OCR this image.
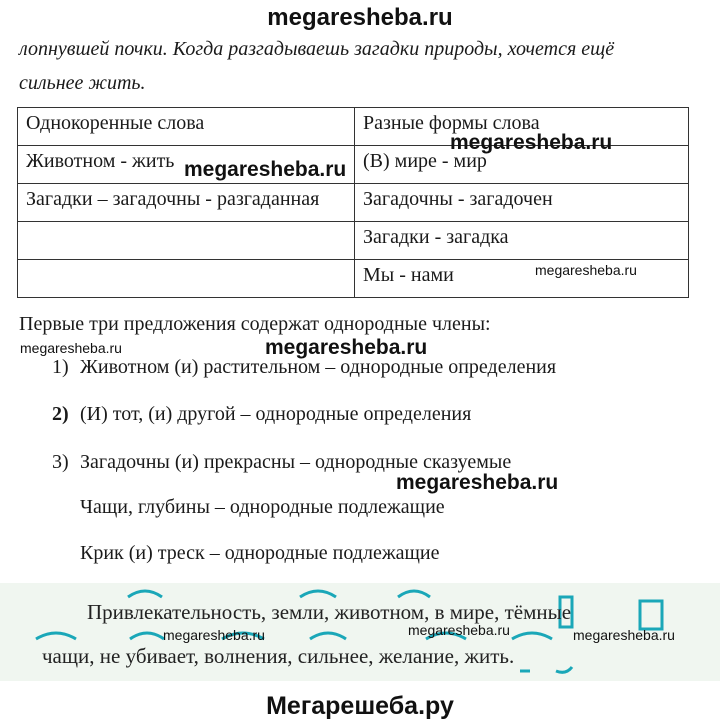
megaresheba.ru
лопнувшей почки. Когда разгадываешь загадки природы, хочется ещё
сильнее жить.
Однокоренные слова	Разные формы слова
Животном - жить	(В) мире - мир
Загадки – загадочны - разгаданная	Загадочны - загадочен
	Загадки - загадка
	Мы - нами
megaresheba.ru
megaresheba.ru
megaresheba.ru
Первые три предложения содержат однородные члены:
megaresheba.ru	megaresheba.ru
1) Животном (и) растительном – однородные определения
2) (И) тот, (и) другой – однородные определения
3) Загадочны (и) прекрасны – однородные сказуемые
megaresheba.ru
Чащи, глубины – однородные подлежащие
Крик (и) треск – однородные подлежащие
Привлекательность, земли, животном, в мире, тёмные
чащи, не убивает, волнения, сильнее, желание, жить.
megaresheba.ru	megaresheba.ru	megaresheba.ru
Мегарешеба.ру
